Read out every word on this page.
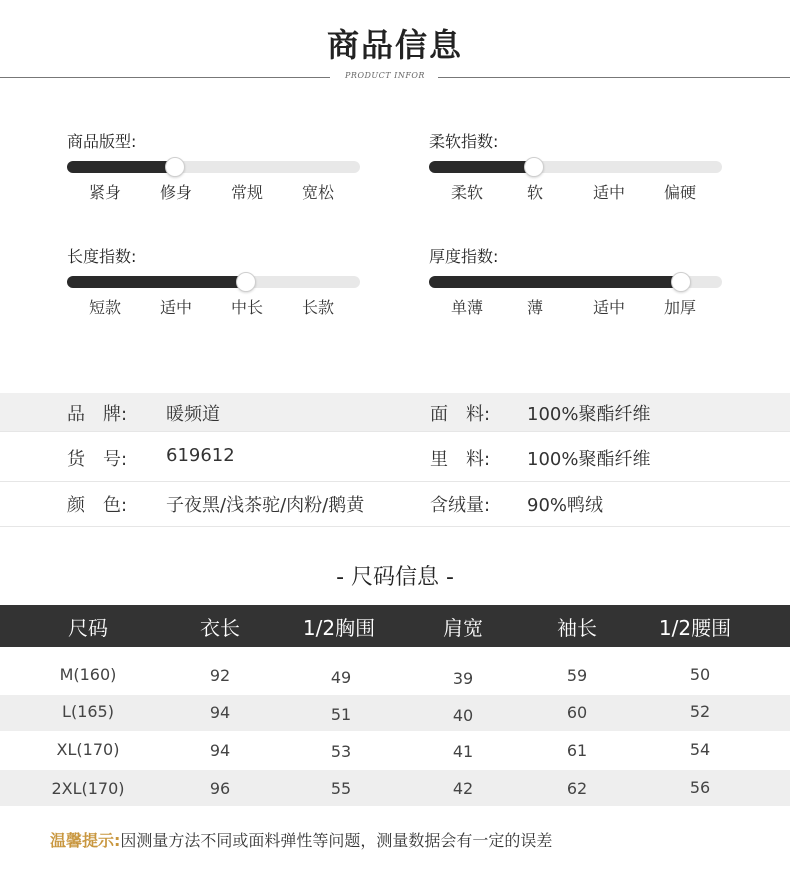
商品信息
PRODUCT INFOR
商品版型:
紧身	修身	常规	宽松
柔软指数:
柔软	软	适中	偏硬
长度指数:
短款	适中	中长	长款
厚度指数:
单薄	薄	适中	加厚
品　牌: 暖频道	面　料: 100%聚酯纤维
货　号: 619612	里　料: 100%聚酯纤维
颜　色: 子夜黑/浅茶驼/肉粉/鹅黄	含绒量: 90%鸭绒
- 尺码信息 -
尺码	衣长	1/2胸围	肩宽	袖长	1/2腰围
M(160)	92	49	39	59	50
L(165)	94	51	40	60	52
XL(170)	94	53	41	61	54
2XL(170)	96	55	42	62	56
温馨提示:因测量方法不同或面料弹性等问题，测量数据会有一定的误差
